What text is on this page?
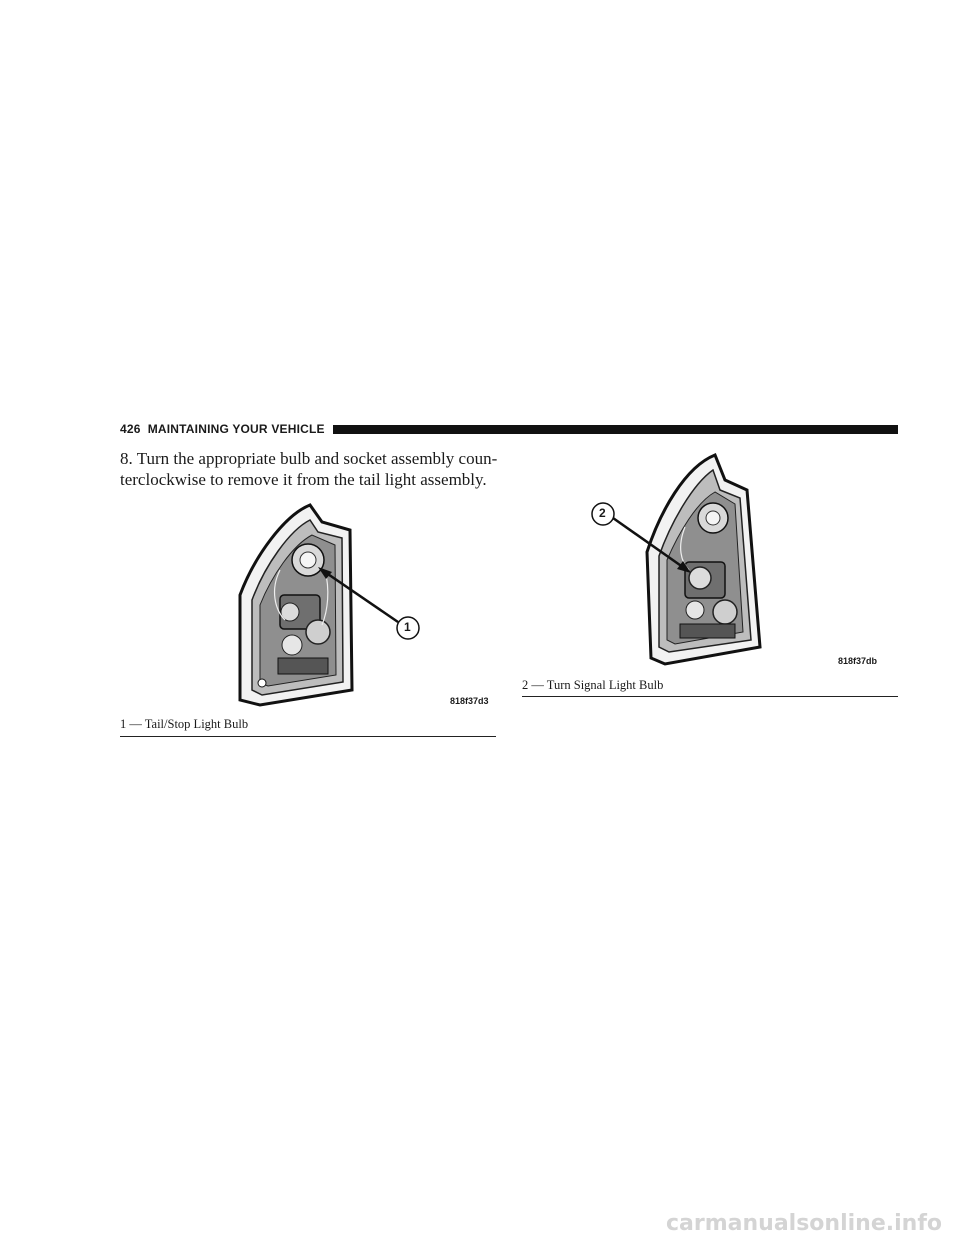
426 MAINTAINING YOUR VEHICLE

8. Turn the appropriate bulb and socket assembly coun- terclockwise to remove it from the tail light assembly.

1
818f37d3
1 — Tail/Stop Light Bulb
2
818f37db
2 — Turn Signal Light Bulb
carmanualsonline.info
